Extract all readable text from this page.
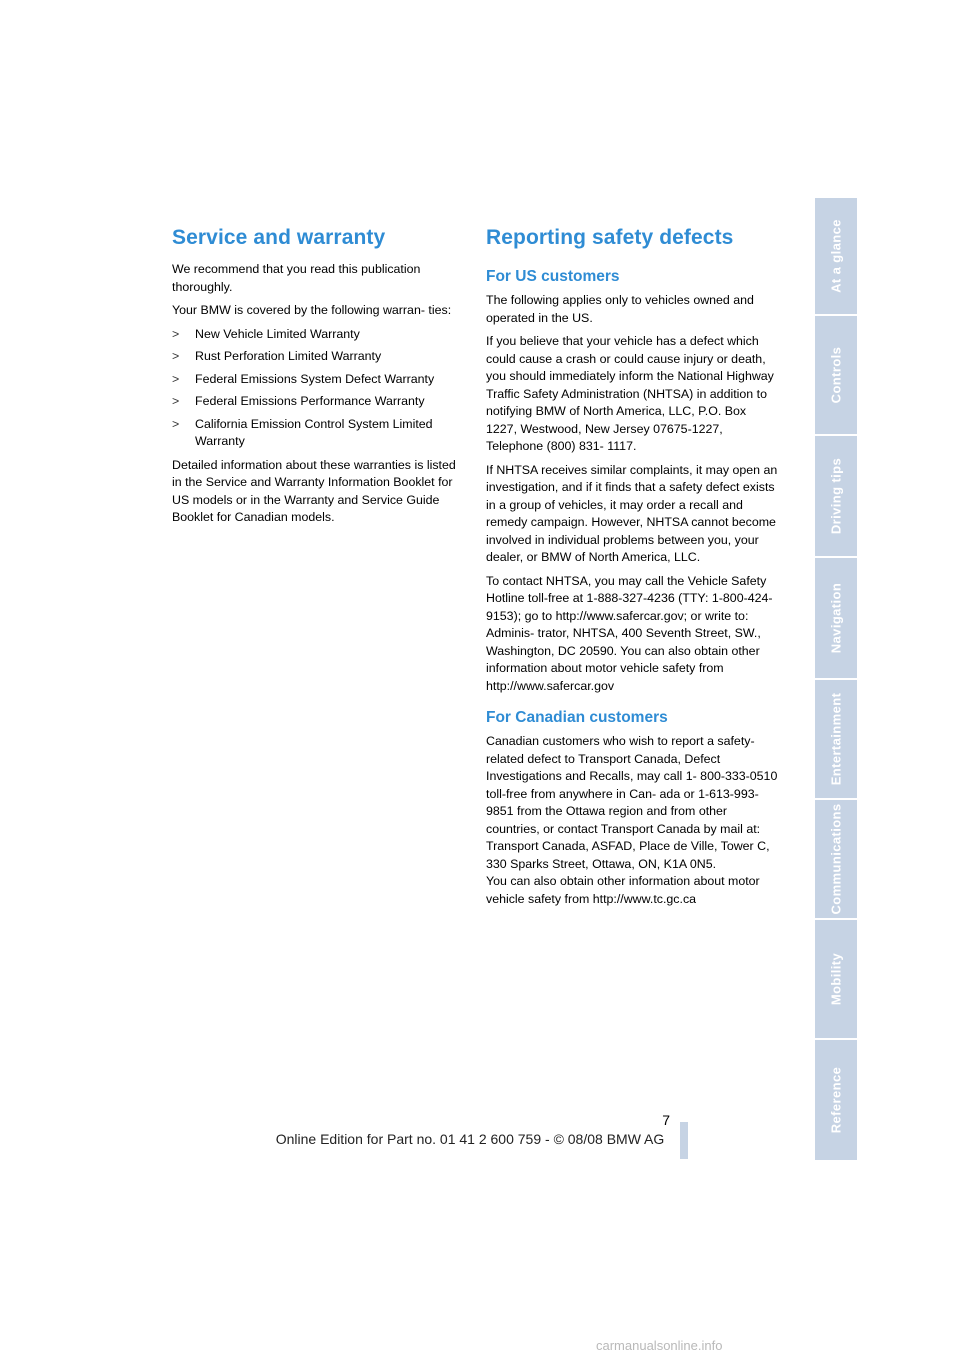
Service and warranty

We recommend that you read this publication thoroughly.

Your BMW is covered by the following warran- ties:

> New Vehicle Limited Warranty
> Rust Perforation Limited Warranty
> Federal Emissions System Defect Warranty
> Federal Emissions Performance Warranty
> California Emission Control System Limited Warranty

Detailed information about these warranties is listed in the Service and Warranty Information Booklet for US models or in the Warranty and Service Guide Booklet for Canadian models.

Reporting safety defects
For US customers

The following applies only to vehicles owned and operated in the US.

If you believe that your vehicle has a defect which could cause a crash or could cause injury or death, you should immediately inform the National Highway Traffic Safety Administration (NHTSA) in addition to notifying BMW of North America, LLC, P.O. Box 1227, Westwood, New Jersey 07675-1227, Telephone (800) 831- 1117.

If NHTSA receives similar complaints, it may open an investigation, and if it finds that a safety defect exists in a group of vehicles, it may order a recall and remedy campaign. However, NHTSA cannot become involved in individual problems between you, your dealer, or BMW of North America, LLC.

To contact NHTSA, you may call the Vehicle Safety Hotline toll-free at 1-888-327-4236 (TTY: 1-800-424-9153); go to http://www.safercar.gov; or write to: Adminis- trator, NHTSA, 400 Seventh Street, SW., Washington, DC 20590. You can also obtain other information about motor vehicle safety from http://www.safercar.gov

For Canadian customers

Canadian customers who wish to report a safety-related defect to Transport Canada, Defect Investigations and Recalls, may call 1- 800-333-0510 toll-free from anywhere in Can- ada or 1-613-993-9851 from the Ottawa region and from other countries, or contact Transport Canada by mail at: Transport Canada, ASFAD, Place de Ville, Tower C, 330 Sparks Street, Ottawa, ON, K1A 0N5.

You can also obtain other information about motor vehicle safety from http://www.tc.gc.ca

At a glance
Controls
Driving tips
Navigation
Entertainment
Communications
Mobility
Reference
7
Online Edition for Part no. 01 41 2 600 759 - © 08/08 BMW AG
carmanualsonline.info
